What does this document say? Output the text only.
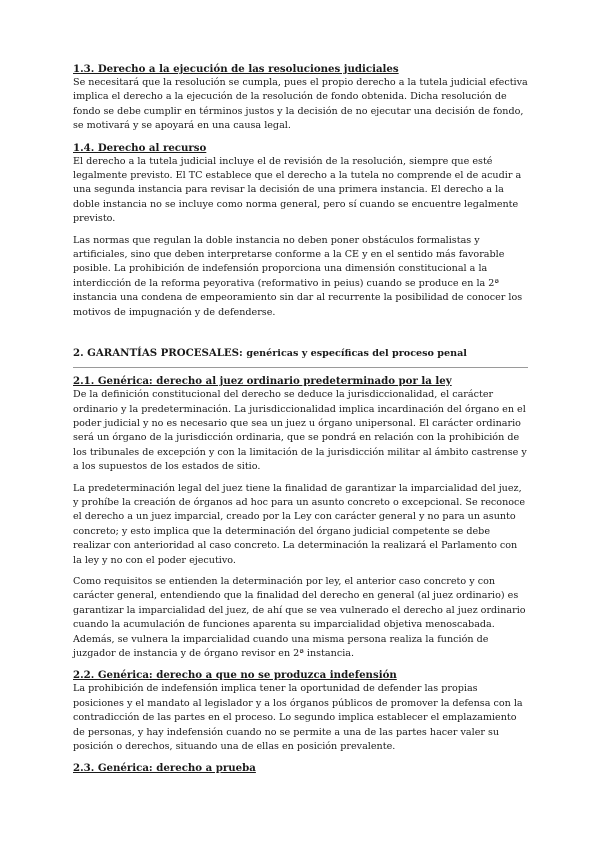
1.3. Derecho a la ejecución de las resoluciones judiciales

Se necesitará que la resolución se cumpla, pues el propio derecho a la tutela judicial efectiva implica el derecho a la ejecución de la resolución de fondo obtenida. Dicha resolución de fondo se debe cumplir en términos justos y la decisión de no ejecutar una decisión de fondo, se motivará y se apoyará en una causa legal.

1.4. Derecho al recurso

El derecho a la tutela judicial incluye el de revisión de la resolución, siempre que esté legalmente previsto. El TC establece que el derecho a la tutela no comprende el de acudir a una segunda instancia para revisar la decisión de una primera instancia. El derecho a la doble instancia no se incluye como norma general, pero sí cuando se encuentre legalmente previsto.

Las normas que regulan la doble instancia no deben poner obstáculos formalistas y artificiales, sino que deben interpretarse conforme a la CE y en el sentido más favorable posible. La prohibición de indefensión proporciona una dimensión constitucional a la interdicción de la reforma peyorativa (reformativo in peius) cuando se produce en la 2ª instancia una condena de empeoramiento sin dar al recurrente la posibilidad de conocer los motivos de impugnación y de defenderse.

2. GARANTÍAS PROCESALES: genéricas y específicas del proceso penal

2.1. Genérica: derecho al juez ordinario predeterminado por la ley

De la definición constitucional del derecho se deduce la jurisdiccionalidad, el carácter ordinario y la predeterminación. La jurisdiccionalidad implica incardinación del órgano en el poder judicial y no es necesario que sea un juez u órgano unipersonal. El carácter ordinario será un órgano de la jurisdicción ordinaria, que se pondrá en relación con la prohibición de los tribunales de excepción y con la limitación de la jurisdicción militar al ámbito castrense y a los supuestos de los estados de sitio.

La predeterminación legal del juez tiene la finalidad de garantizar la imparcialidad del juez, y prohíbe la creación de órganos ad hoc para un asunto concreto o excepcional. Se reconoce el derecho a un juez imparcial, creado por la Ley con carácter general y no para un asunto concreto; y esto implica que la determinación del órgano judicial competente se debe realizar con anterioridad al caso concreto. La determinación la realizará el Parlamento con la ley y no con el poder ejecutivo.

Como requisitos se entienden la determinación por ley, el anterior caso concreto y con carácter general, entendiendo que la finalidad del derecho en general (al juez ordinario) es garantizar la imparcialidad del juez, de ahí que se vea vulnerado el derecho al juez ordinario cuando la acumulación de funciones aparenta su imparcialidad objetiva menoscabada. Además, se vulnera la imparcialidad cuando una misma persona realiza la función de juzgador de instancia y de órgano revisor en 2ª instancia.

2.2. Genérica: derecho a que no se produzca indefensión

La prohibición de indefensión implica tener la oportunidad de defender las propias posiciones y el mandato al legislador y a los órganos públicos de promover la defensa con la contradicción de las partes en el proceso. Lo segundo implica establecer el emplazamiento de personas, y hay indefensión cuando no se permite a una de las partes hacer valer su posición o derechos, situando una de ellas en posición prevalente.

2.3. Genérica: derecho a prueba
